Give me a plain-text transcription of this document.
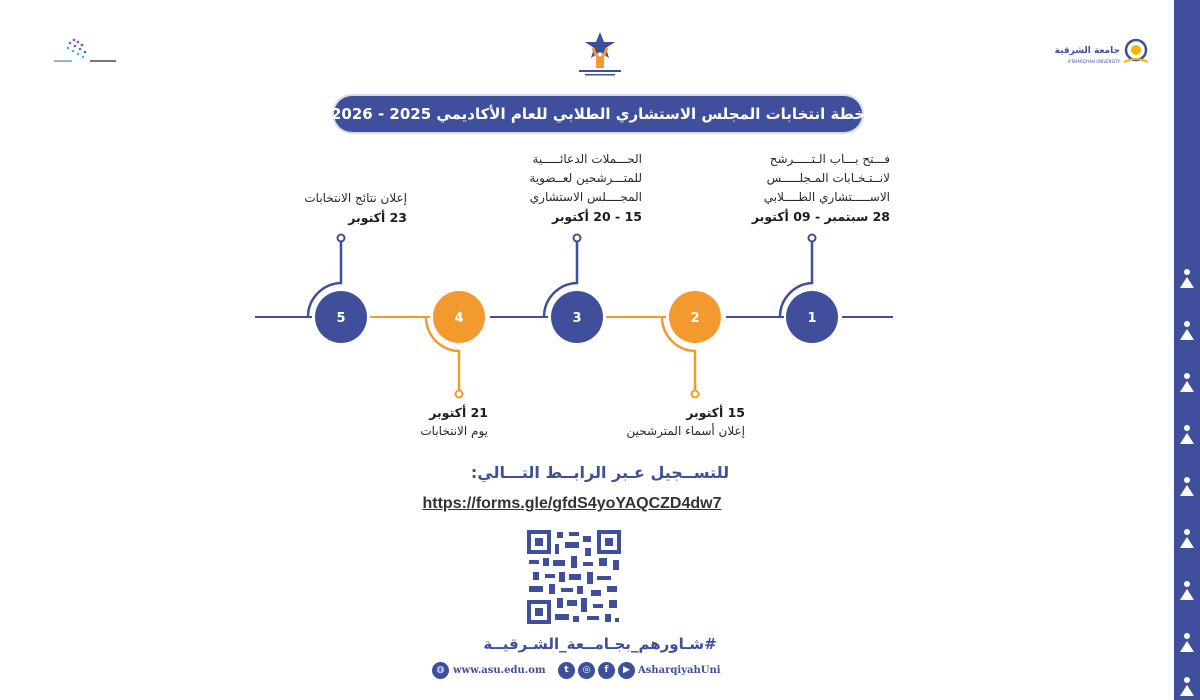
جامعة الشرقية
A'SHARQIYAH UNIVERSITY
خطة انتخابات المجلس الاستشاري الطلابي للعام الأكاديمي 2025 - 2026
1
2
3
4
5
فـــتح بـــاب الـتـــــرشح
لانــتـخـابات المـجلـــــس
الاســـــتشاري الطــــلابي
28 سبتمبر - 09 أكتوبر
15 أكتوبر
إعلان أسماء المترشحين
الحـــملات الدعائـــــية
للمتـــرشحين لعــضوية
المجــــلس الاستشاري
15 - 20 أكتوبر
21 أكتوبر
يوم الانتخابات
إعلان نتائج الانتخابات
23 أكتوبر
للتســجيل عـبر الرابــط التـــالي:
https://forms.gle/gfdS4yoYAQCZD4dw7
#شـاورهم_بجـامــعة_الشـرقيــة
◍ www.asu.edu.om	t	◎	f	▶ AsharqiyahUni
